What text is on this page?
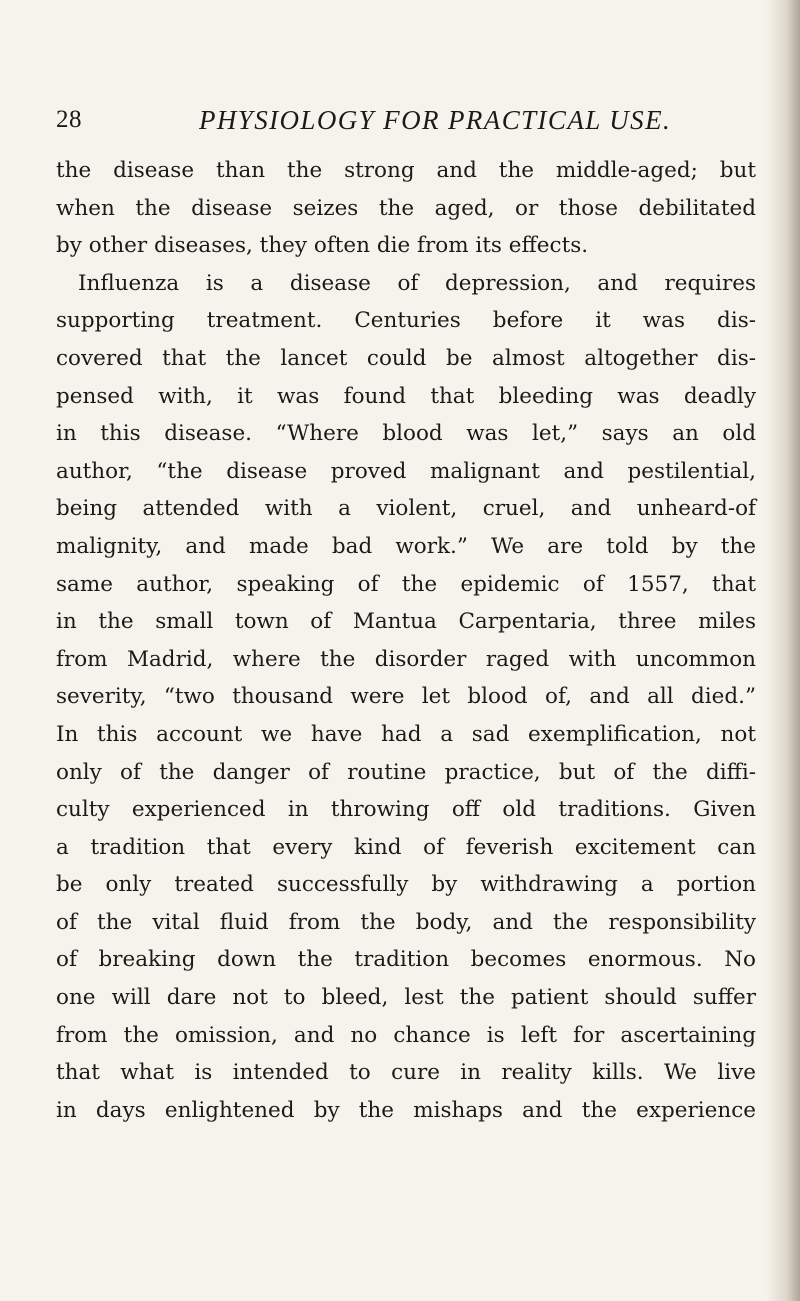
28	PHYSIOLOGY FOR PRACTICAL USE.
the disease than the strong and the middle-aged; but
when the disease seizes the aged, or those debilitated
by other diseases, they often die from its effects.
Influenza is a disease of depression, and requires
supporting treatment. Centuries before it was dis-
covered that the lancet could be almost altogether dis-
pensed with, it was found that bleeding was deadly
in this disease. “Where blood was let,” says an old
author, “the disease proved malignant and pestilential,
being attended with a violent, cruel, and unheard-of
malignity, and made bad work.” We are told by the
same author, speaking of the epidemic of 1557, that
in the small town of Mantua Carpentaria, three miles
from Madrid, where the disorder raged with uncommon
severity, “two thousand were let blood of, and all died.”
In this account we have had a sad exemplification, not
only of the danger of routine practice, but of the diffi-
culty experienced in throwing off old traditions. Given
a tradition that every kind of feverish excitement can
be only treated successfully by withdrawing a portion
of the vital fluid from the body, and the responsibility
of breaking down the tradition becomes enormous. No
one will dare not to bleed, lest the patient should suffer
from the omission, and no chance is left for ascertaining
that what is intended to cure in reality kills. We live
in days enlightened by the mishaps and the experience
